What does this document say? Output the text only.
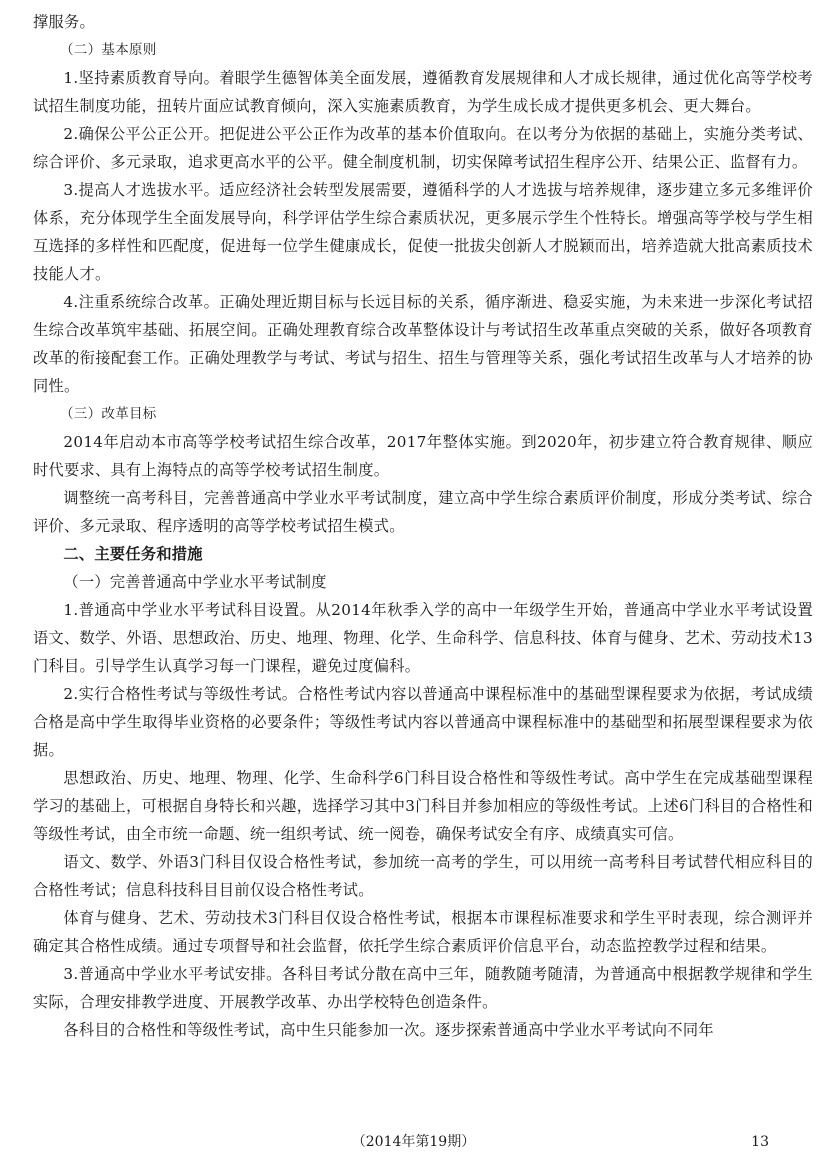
撑服务。

（二）基本原则

1.坚持素质教育导向。着眼学生德智体美全面发展，遵循教育发展规律和人才成长规律，通过优化高等学校考试招生制度功能，扭转片面应试教育倾向，深入实施素质教育，为学生成长成才提供更多机会、更大舞台。

2.确保公平公正公开。把促进公平公正作为改革的基本价值取向。在以考分为依据的基础上，实施分类考试、综合评价、多元录取，追求更高水平的公平。健全制度机制，切实保障考试招生程序公开、结果公正、监督有力。

3.提高人才选拔水平。适应经济社会转型发展需要，遵循科学的人才选拔与培养规律，逐步建立多元多维评价体系，充分体现学生全面发展导向，科学评估学生综合素质状况，更多展示学生个性特长。增强高等学校与学生相互选择的多样性和匹配度，促进每一位学生健康成长，促使一批拔尖创新人才脱颖而出，培养造就大批高素质技术技能人才。

4.注重系统综合改革。正确处理近期目标与长远目标的关系，循序渐进、稳妥实施，为未来进一步深化考试招生综合改革筑牢基础、拓展空间。正确处理教育综合改革整体设计与考试招生改革重点突破的关系，做好各项教育改革的衔接配套工作。正确处理教学与考试、考试与招生、招生与管理等关系，强化考试招生改革与人才培养的协同性。

（三）改革目标

2014年启动本市高等学校考试招生综合改革，2017年整体实施。到2020年，初步建立符合教育规律、顺应时代要求、具有上海特点的高等学校考试招生制度。

调整统一高考科目，完善普通高中学业水平考试制度，建立高中学生综合素质评价制度，形成分类考试、综合评价、多元录取、程序透明的高等学校考试招生模式。

二、主要任务和措施

（一）完善普通高中学业水平考试制度

1.普通高中学业水平考试科目设置。从2014年秋季入学的高中一年级学生开始，普通高中学业水平考试设置语文、数学、外语、思想政治、历史、地理、物理、化学、生命科学、信息科技、体育与健身、艺术、劳动技术13门科目。引导学生认真学习每一门课程，避免过度偏科。

2.实行合格性考试与等级性考试。合格性考试内容以普通高中课程标准中的基础型课程要求为依据，考试成绩合格是高中学生取得毕业资格的必要条件；等级性考试内容以普通高中课程标准中的基础型和拓展型课程要求为依据。

思想政治、历史、地理、物理、化学、生命科学6门科目设合格性和等级性考试。高中学生在完成基础型课程学习的基础上，可根据自身特长和兴趣，选择学习其中3门科目并参加相应的等级性考试。上述6门科目的合格性和等级性考试，由全市统一命题、统一组织考试、统一阅卷，确保考试安全有序、成绩真实可信。

语文、数学、外语3门科目仅设合格性考试，参加统一高考的学生，可以用统一高考科目考试替代相应科目的合格性考试；信息科技科目目前仅设合格性考试。

体育与健身、艺术、劳动技术3门科目仅设合格性考试，根据本市课程标准要求和学生平时表现，综合测评并确定其合格性成绩。通过专项督导和社会监督，依托学生综合素质评价信息平台，动态监控教学过程和结果。

3.普通高中学业水平考试安排。各科目考试分散在高中三年，随教随考随清，为普通高中根据教学规律和学生实际，合理安排教学进度、开展教学改革、办出学校特色创造条件。

各科目的合格性和等级性考试，高中生只能参加一次。逐步探索普通高中学业水平考试向不同年

（2014年第19期）	13
